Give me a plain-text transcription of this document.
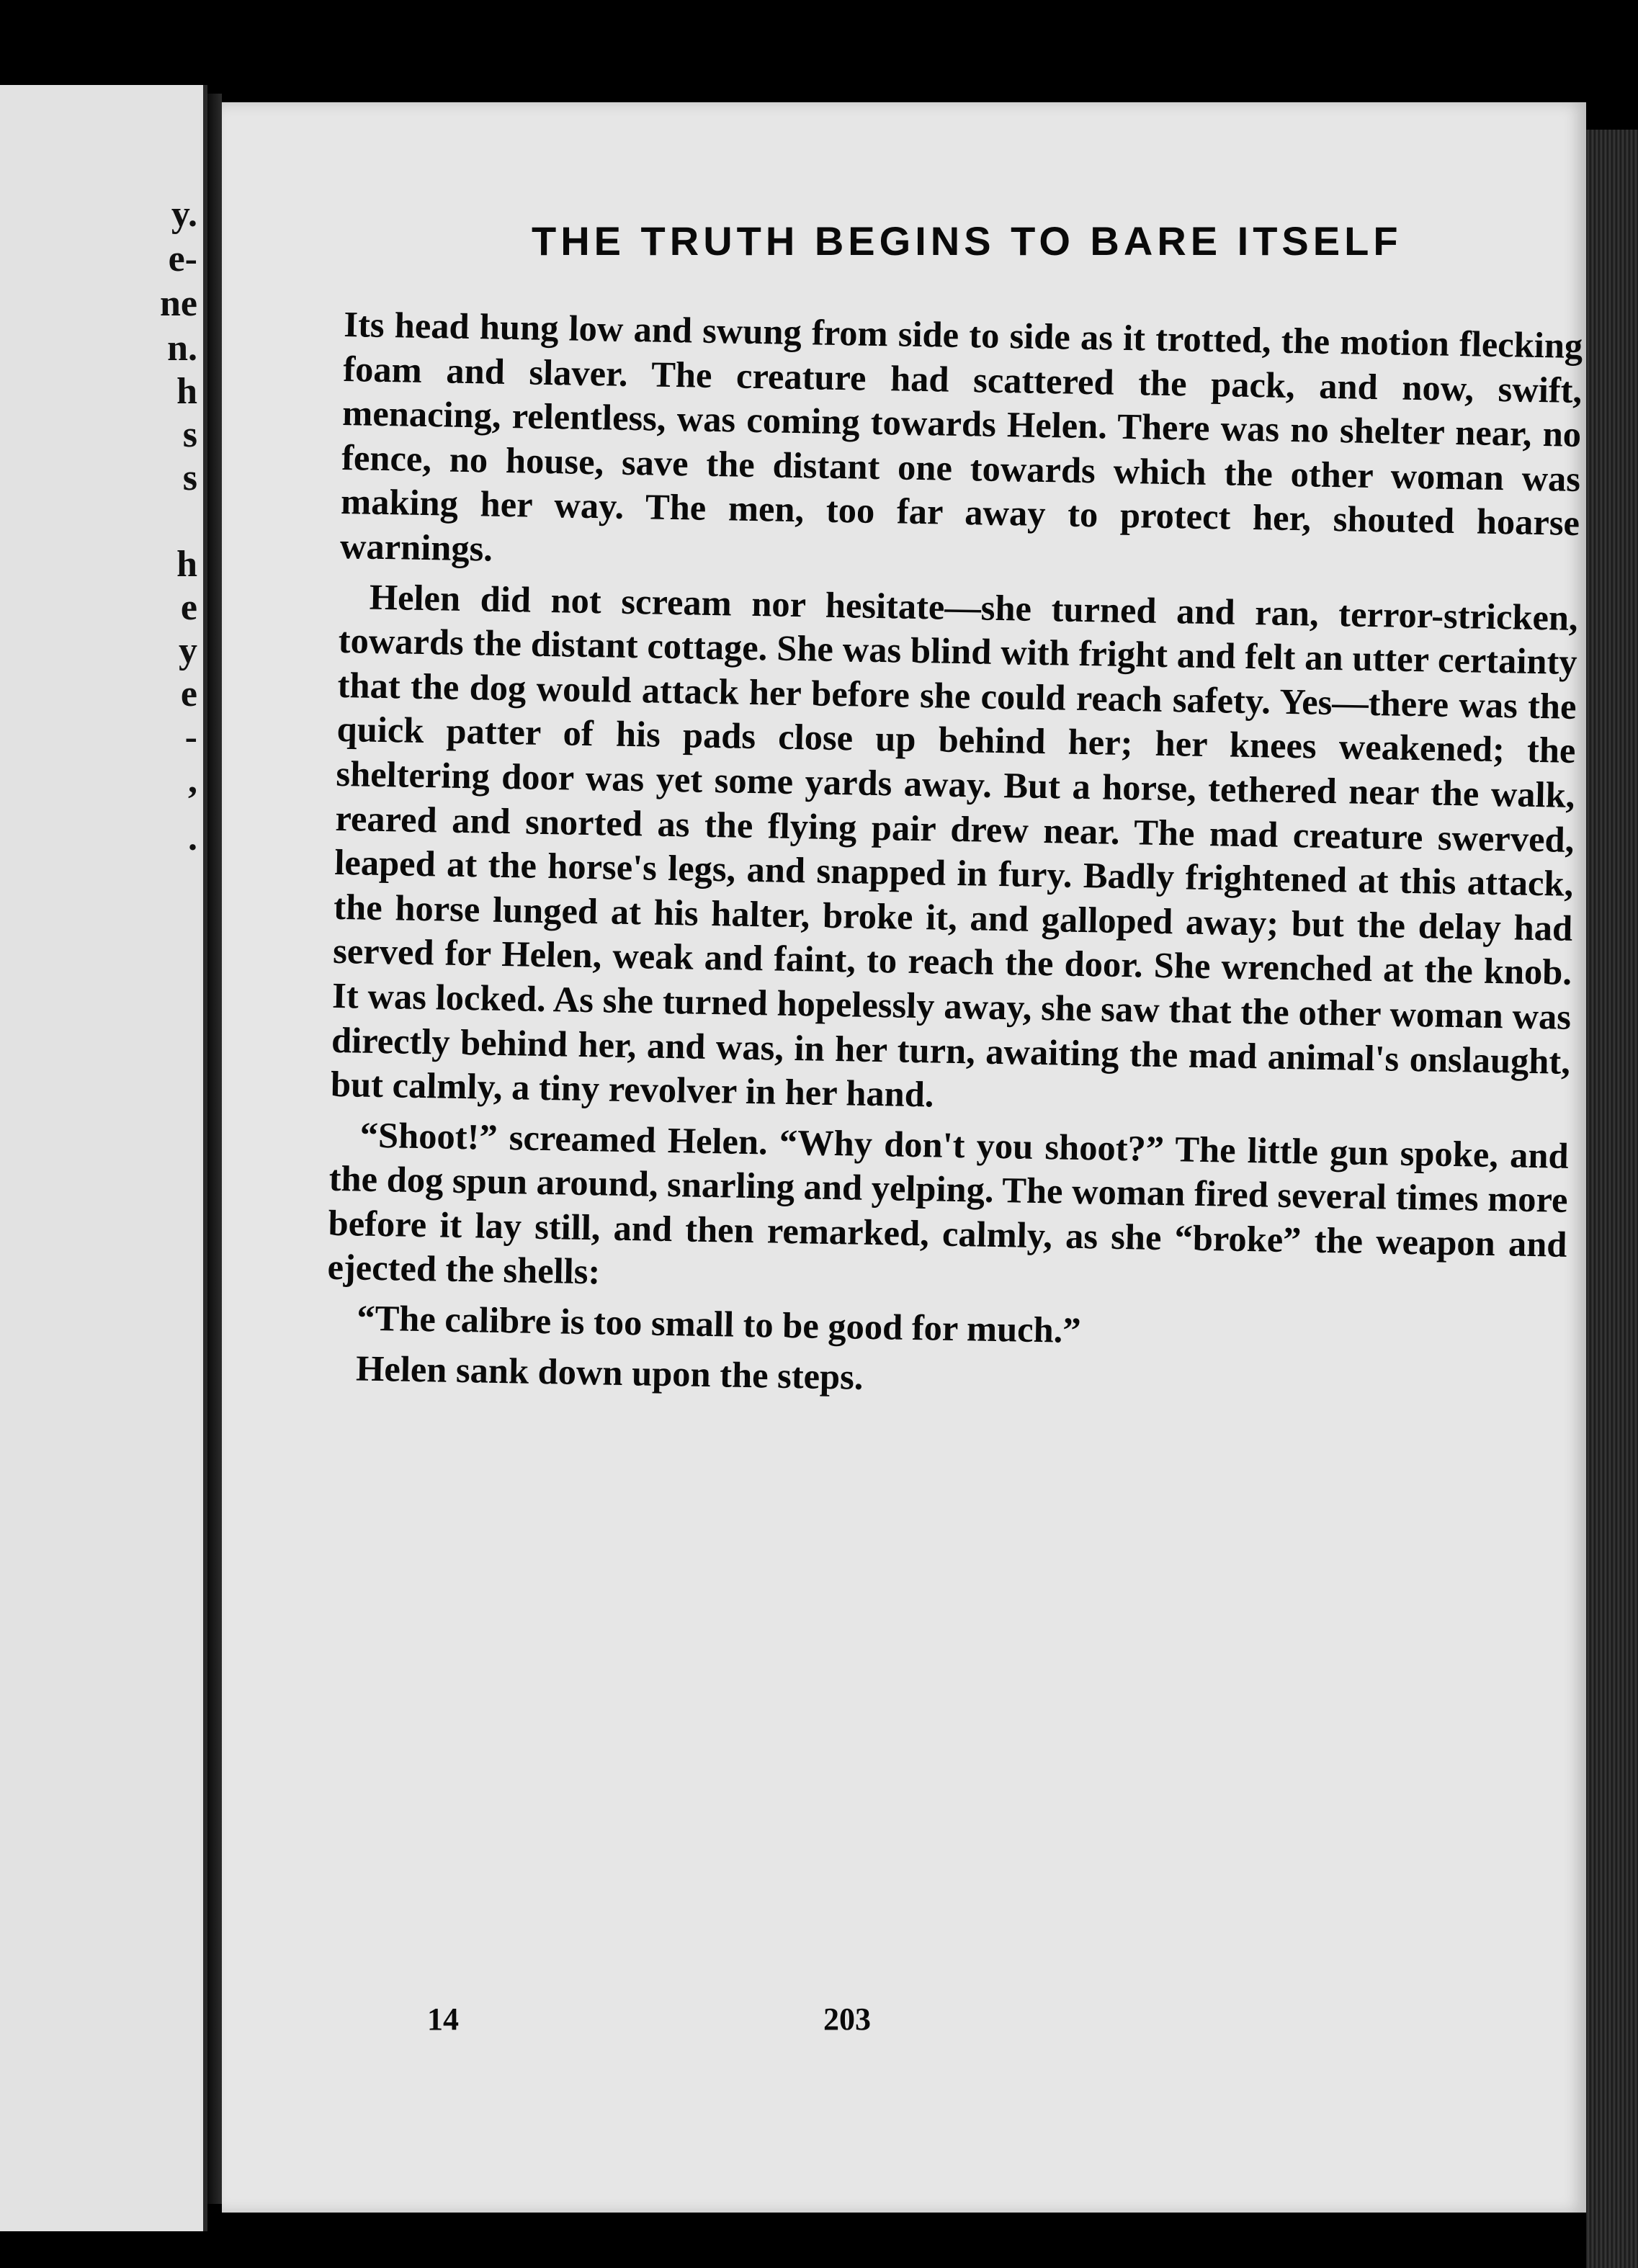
y.

e-

ne

n.

h

s

s

h

e

y

e

-

,

.

THE TRUTH BEGINS TO BARE ITSELF

Its head hung low and swung from side to side as it trotted, the motion flecking foam and slaver. The creature had scattered the pack, and now, swift, menacing, relentless, was coming towards Helen. There was no shelter near, no fence, no house, save the distant one towards which the other woman was making her way. The men, too far away to protect her, shouted hoarse warnings.

Helen did not scream nor hesitate—she turned and ran, terror-stricken, towards the distant cottage. She was blind with fright and felt an utter certainty that the dog would attack her before she could reach safety. Yes—there was the quick patter of his pads close up behind her; her knees weakened; the sheltering door was yet some yards away. But a horse, tethered near the walk, reared and snorted as the flying pair drew near. The mad creature swerved, leaped at the horse's legs, and snapped in fury. Badly frightened at this attack, the horse lunged at his halter, broke it, and galloped away; but the delay had served for Helen, weak and faint, to reach the door. She wrenched at the knob. It was locked. As she turned hopelessly away, she saw that the other woman was directly behind her, and was, in her turn, awaiting the mad animal's onslaught, but calmly, a tiny revolver in her hand.

“Shoot!” screamed Helen. “Why don't you shoot?” The little gun spoke, and the dog spun around, snarling and yelping. The woman fired several times more before it lay still, and then remarked, calmly, as she “broke” the weapon and ejected the shells:

“The calibre is too small to be good for much.”

Helen sank down upon the steps.

14	203
